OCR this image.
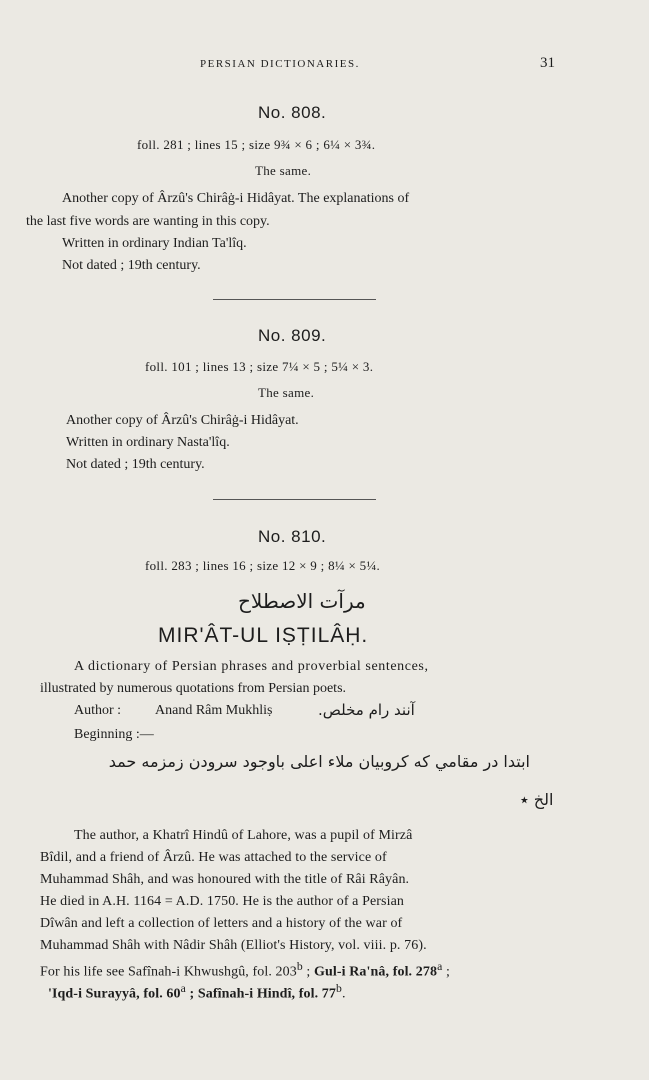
PERSIAN DICTIONARIES.	31
No. 808.
foll. 281 ; lines 15 ; size 9¾ × 6 ; 6¼ × 3¾.
The same.
Another copy of Ârzû's Chirâġ-i Hidâyat. The explanations of
the last five words are wanting in this copy.
Written in ordinary Indian Ta'lîq.
Not dated ; 19th century.
No. 809.
foll. 101 ; lines 13 ; size 7¼ × 5 ; 5¼ × 3.
The same.
Another copy of Ârzû's Chirâġ-i Hidâyat.
Written in ordinary Nasta'lîq.
Not dated ; 19th century.
No. 810.
foll. 283 ; lines 16 ; size 12 × 9 ; 8¼ × 5¼.
مرآت الاصطلاح
MIR'ÂT-UL IṢṬILÂḤ.
A dictionary of Persian phrases and proverbial sentences,
illustrated by numerous quotations from Persian poets.
Author : Anand Râm Mukhliṣ	آنند رام مخلص.
Beginning :—
ابتدا در مقامي كه كروبيان ملاء اعلى باوجود سرودن زمزمه حمد
الخ ٭
The author, a Khatrî Hindû of Lahore, was a pupil of Mirzâ
Bîdil, and a friend of Ârzû. He was attached to the service of
Muhammad Shâh, and was honoured with the title of Râi Râyân.
He died in A.H. 1164 = A.D. 1750. He is the author of a Persian
Dîwân and left a collection of letters and a history of the war of
Muhammad Shâh with Nâdir Shâh (Elliot's History, vol. viii. p. 76).
For his life see Safînah-i Khwushgû, fol. 203$^b$ ; Gul-i Ra'nâ, fol. 278$^a$ ;
'Iqd-i Surayyâ, fol. 60$^a$ ; Safînah-i Hindî, fol. 77$^b$.
